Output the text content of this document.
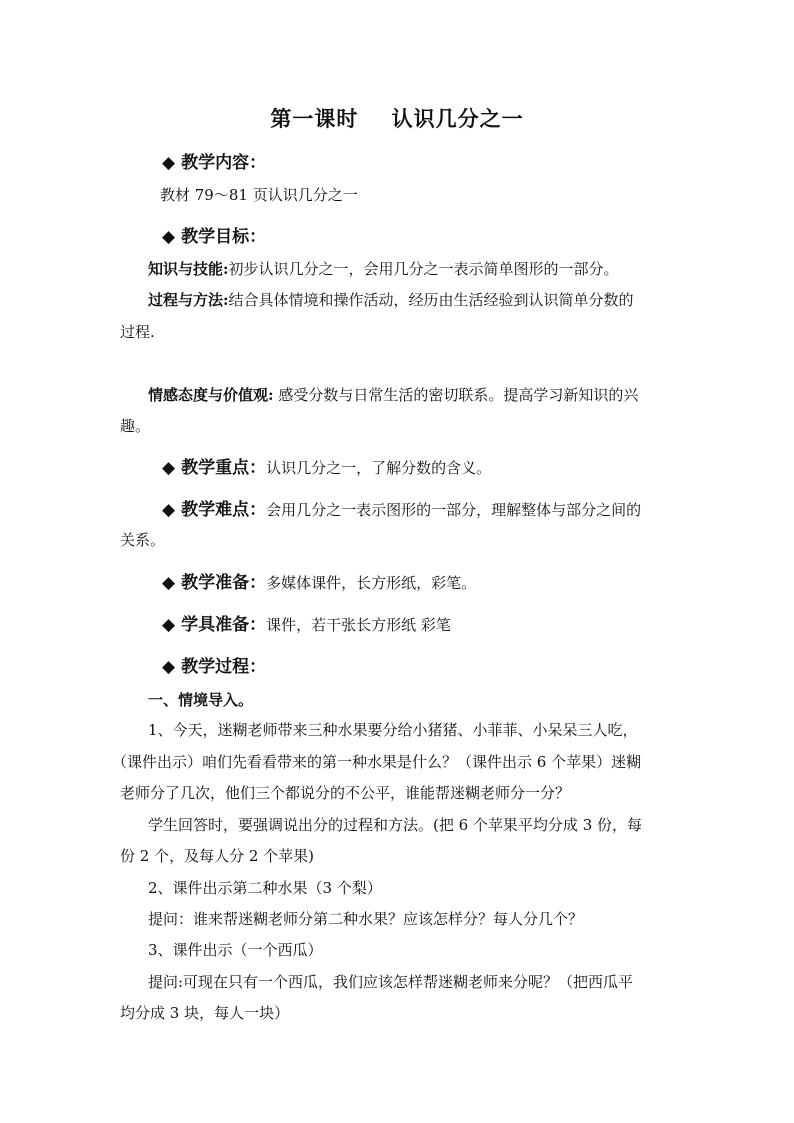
第一课时    认识几分之一
◆ 教学内容：
教材 79～81 页认识几分之一
◆ 教学目标：
知识与技能:初步认识几分之一，会用几分之一表示简单图形的一部分。
过程与方法:结合具体情境和操作活动，经历由生活经验到认识简单分数的
过程.
情感态度与价值观: 感受分数与日常生活的密切联系。提高学习新知识的兴
趣。
◆ 教学重点：认识几分之一，了解分数的含义。
◆ 教学难点：会用几分之一表示图形的一部分，理解整体与部分之间的
关系。
◆ 教学准备：多媒体课件，长方形纸，彩笔。
◆ 学具准备：课件，若干张长方形纸 彩笔
◆ 教学过程：
一、情境导入。
1、今天，迷糊老师带来三种水果要分给小猪猪、小菲菲、小呆呆三人吃，
（课件出示）咱们先看看带来的第一种水果是什么？（课件出示 6 个苹果）迷糊
老师分了几次，他们三个都说分的不公平，谁能帮迷糊老师分一分？
学生回答时，要强调说出分的过程和方法。(把 6 个苹果平均分成 3 份，每
份 2 个，及每人分 2 个苹果)
2、课件出示第二种水果（3 个梨）
提问：谁来帮迷糊老师分第二种水果？应该怎样分？每人分几个？
3、课件出示（一个西瓜）
提问:可现在只有一个西瓜，我们应该怎样帮迷糊老师来分呢？（把西瓜平
均分成 3 块，每人一块）
